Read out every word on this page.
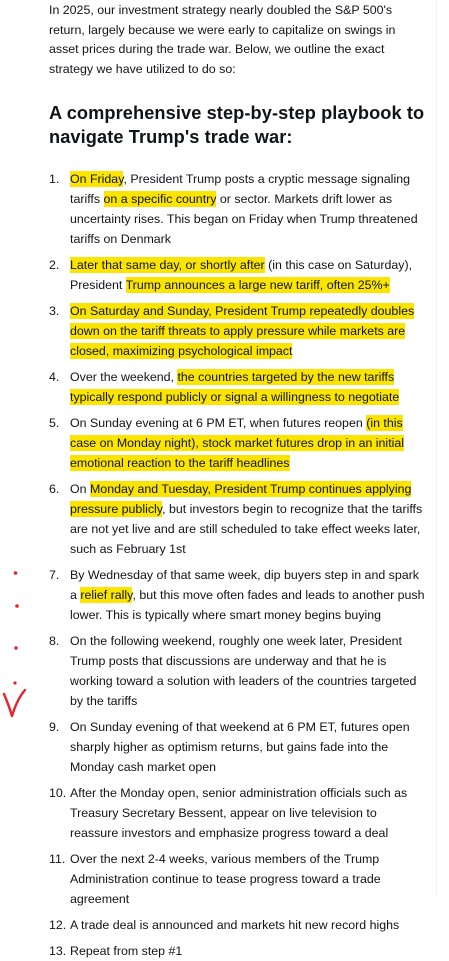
In 2025, our investment strategy nearly doubled the S&P 500's return, largely because we were early to capitalize on swings in asset prices during the trade war. Below, we outline the exact strategy we have utilized to do so:

A comprehensive step-by-step playbook to navigate Trump's trade war:
1. On Friday, President Trump posts a cryptic message signaling tariffs on a specific country or sector. Markets drift lower as uncertainty rises. This began on Friday when Trump threatened tariffs on Denmark
2. Later that same day, or shortly after (in this case on Saturday), President Trump announces a large new tariff, often 25%+
3. On Saturday and Sunday, President Trump repeatedly doubles down on the tariff threats to apply pressure while markets are closed, maximizing psychological impact
4. Over the weekend, the countries targeted by the new tariffs typically respond publicly or signal a willingness to negotiate
5. On Sunday evening at 6 PM ET, when futures reopen (in this case on Monday night), stock market futures drop in an initial emotional reaction to the tariff headlines
6. On Monday and Tuesday, President Trump continues applying pressure publicly, but investors begin to recognize that the tariffs are not yet live and are still scheduled to take effect weeks later, such as February 1st
7. By Wednesday of that same week, dip buyers step in and spark a relief rally, but this move often fades and leads to another push lower. This is typically where smart money begins buying
8. On the following weekend, roughly one week later, President Trump posts that discussions are underway and that he is working toward a solution with leaders of the countries targeted by the tariffs
9. On Sunday evening of that weekend at 6 PM ET, futures open sharply higher as optimism returns, but gains fade into the Monday cash market open
10. After the Monday open, senior administration officials such as Treasury Secretary Bessent, appear on live television to reassure investors and emphasize progress toward a deal
11. Over the next 2-4 weeks, various members of the Trump Administration continue to tease progress toward a trade agreement
12. A trade deal is announced and markets hit new record highs
13. Repeat from step #1
